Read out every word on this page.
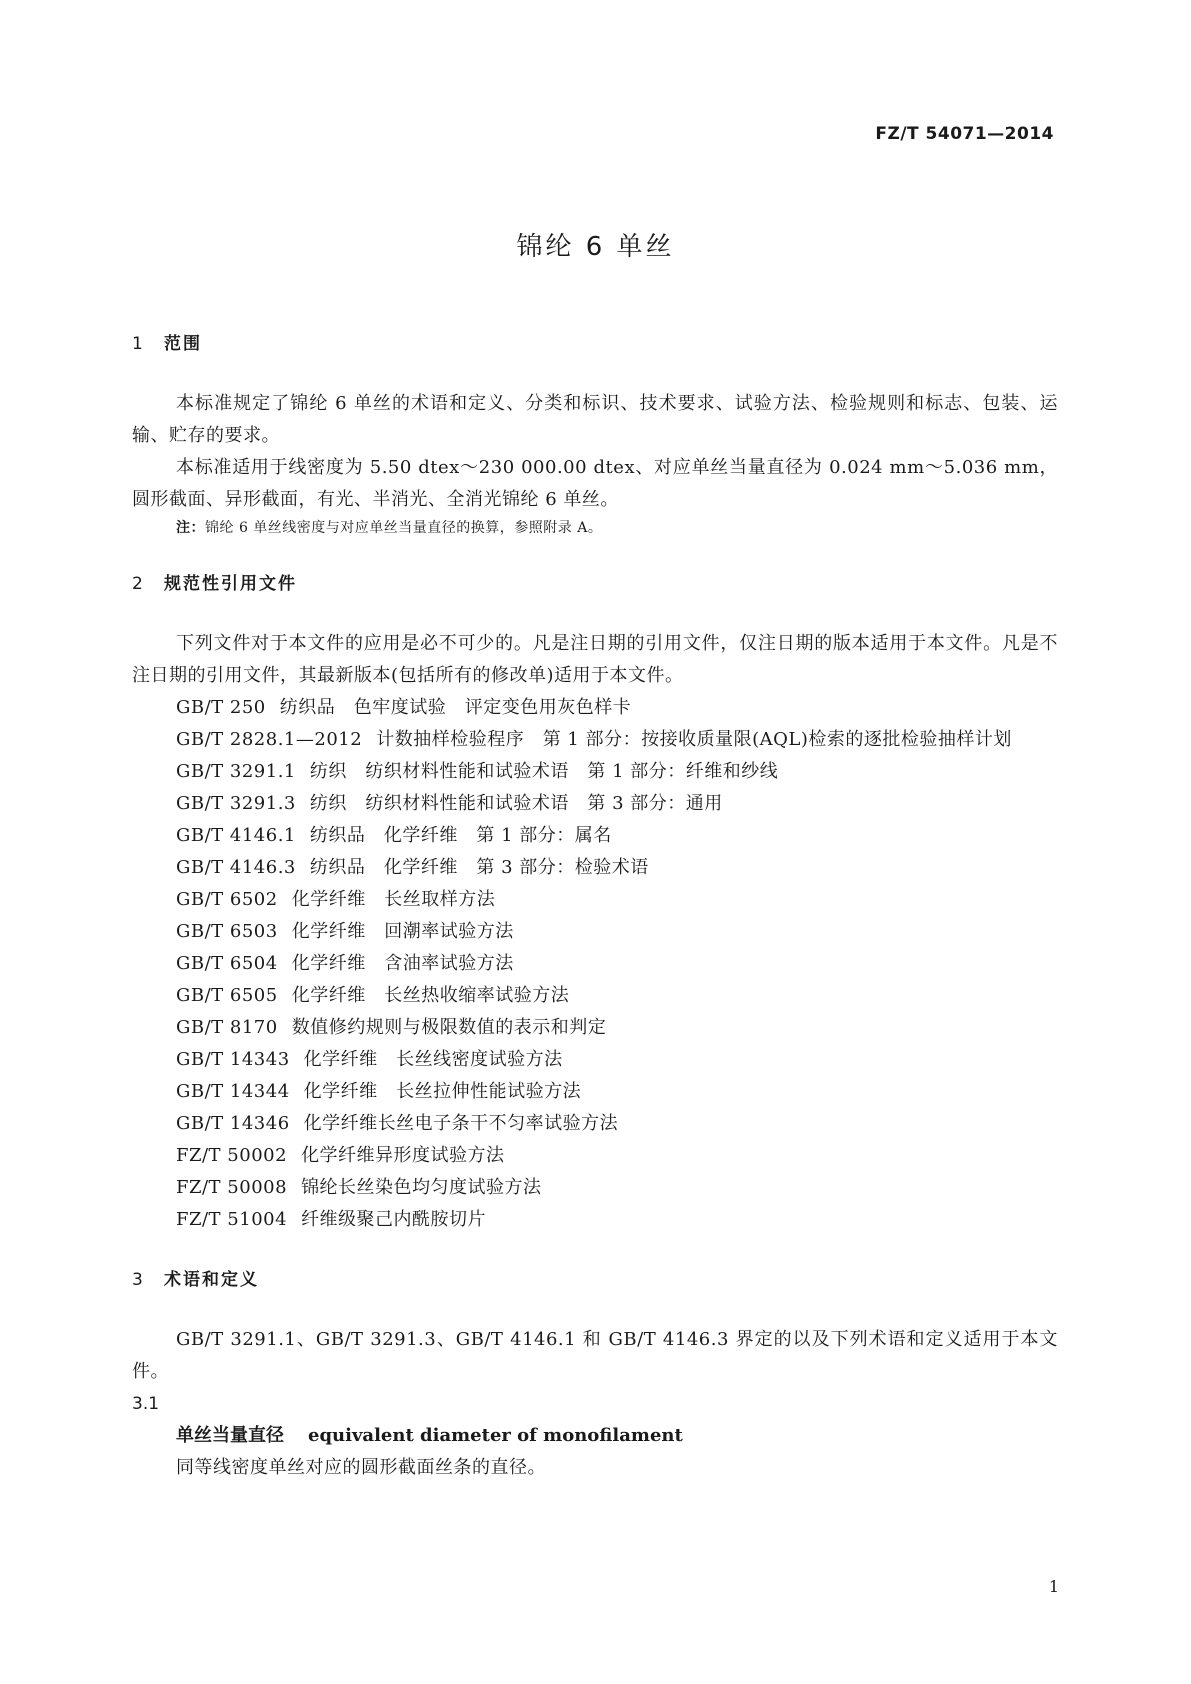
FZ/T 54071—2014
锦纶 6 单丝
1 范围

本标准规定了锦纶 6 单丝的术语和定义、分类和标识、技术要求、试验方法、检验规则和标志、包装、运输、贮存的要求。

本标准适用于线密度为 5.50 dtex～230 000.00 dtex、对应单丝当量直径为 0.024 mm～5.036 mm，圆形截面、异形截面，有光、半消光、全消光锦纶 6 单丝。

注：锦纶 6 单丝线密度与对应单丝当量直径的换算，参照附录 A。

2 规范性引用文件

下列文件对于本文件的应用是必不可少的。凡是注日期的引用文件，仅注日期的版本适用于本文件。凡是不注日期的引用文件，其最新版本(包括所有的修改单)适用于本文件。

GB/T 250 纺织品　色牢度试验　评定变色用灰色样卡

GB/T 2828.1—2012 计数抽样检验程序　第 1 部分：按接收质量限(AQL)检索的逐批检验抽样计划

GB/T 3291.1 纺织　纺织材料性能和试验术语　第 1 部分：纤维和纱线

GB/T 3291.3 纺织　纺织材料性能和试验术语　第 3 部分：通用

GB/T 4146.1 纺织品　化学纤维　第 1 部分：属名

GB/T 4146.3 纺织品　化学纤维　第 3 部分：检验术语

GB/T 6502 化学纤维　长丝取样方法

GB/T 6503 化学纤维　回潮率试验方法

GB/T 6504 化学纤维　含油率试验方法

GB/T 6505 化学纤维　长丝热收缩率试验方法

GB/T 8170 数值修约规则与极限数值的表示和判定

GB/T 14343 化学纤维　长丝线密度试验方法

GB/T 14344 化学纤维　长丝拉伸性能试验方法

GB/T 14346 化学纤维长丝电子条干不匀率试验方法

FZ/T 50002 化学纤维异形度试验方法

FZ/T 50008 锦纶长丝染色均匀度试验方法

FZ/T 51004 纤维级聚己内酰胺切片

3 术语和定义

GB/T 3291.1、GB/T 3291.3、GB/T 4146.1 和 GB/T 4146.3 界定的以及下列术语和定义适用于本文件。

3.1

单丝当量直径 equivalent diameter of monofilament

同等线密度单丝对应的圆形截面丝条的直径。

1
